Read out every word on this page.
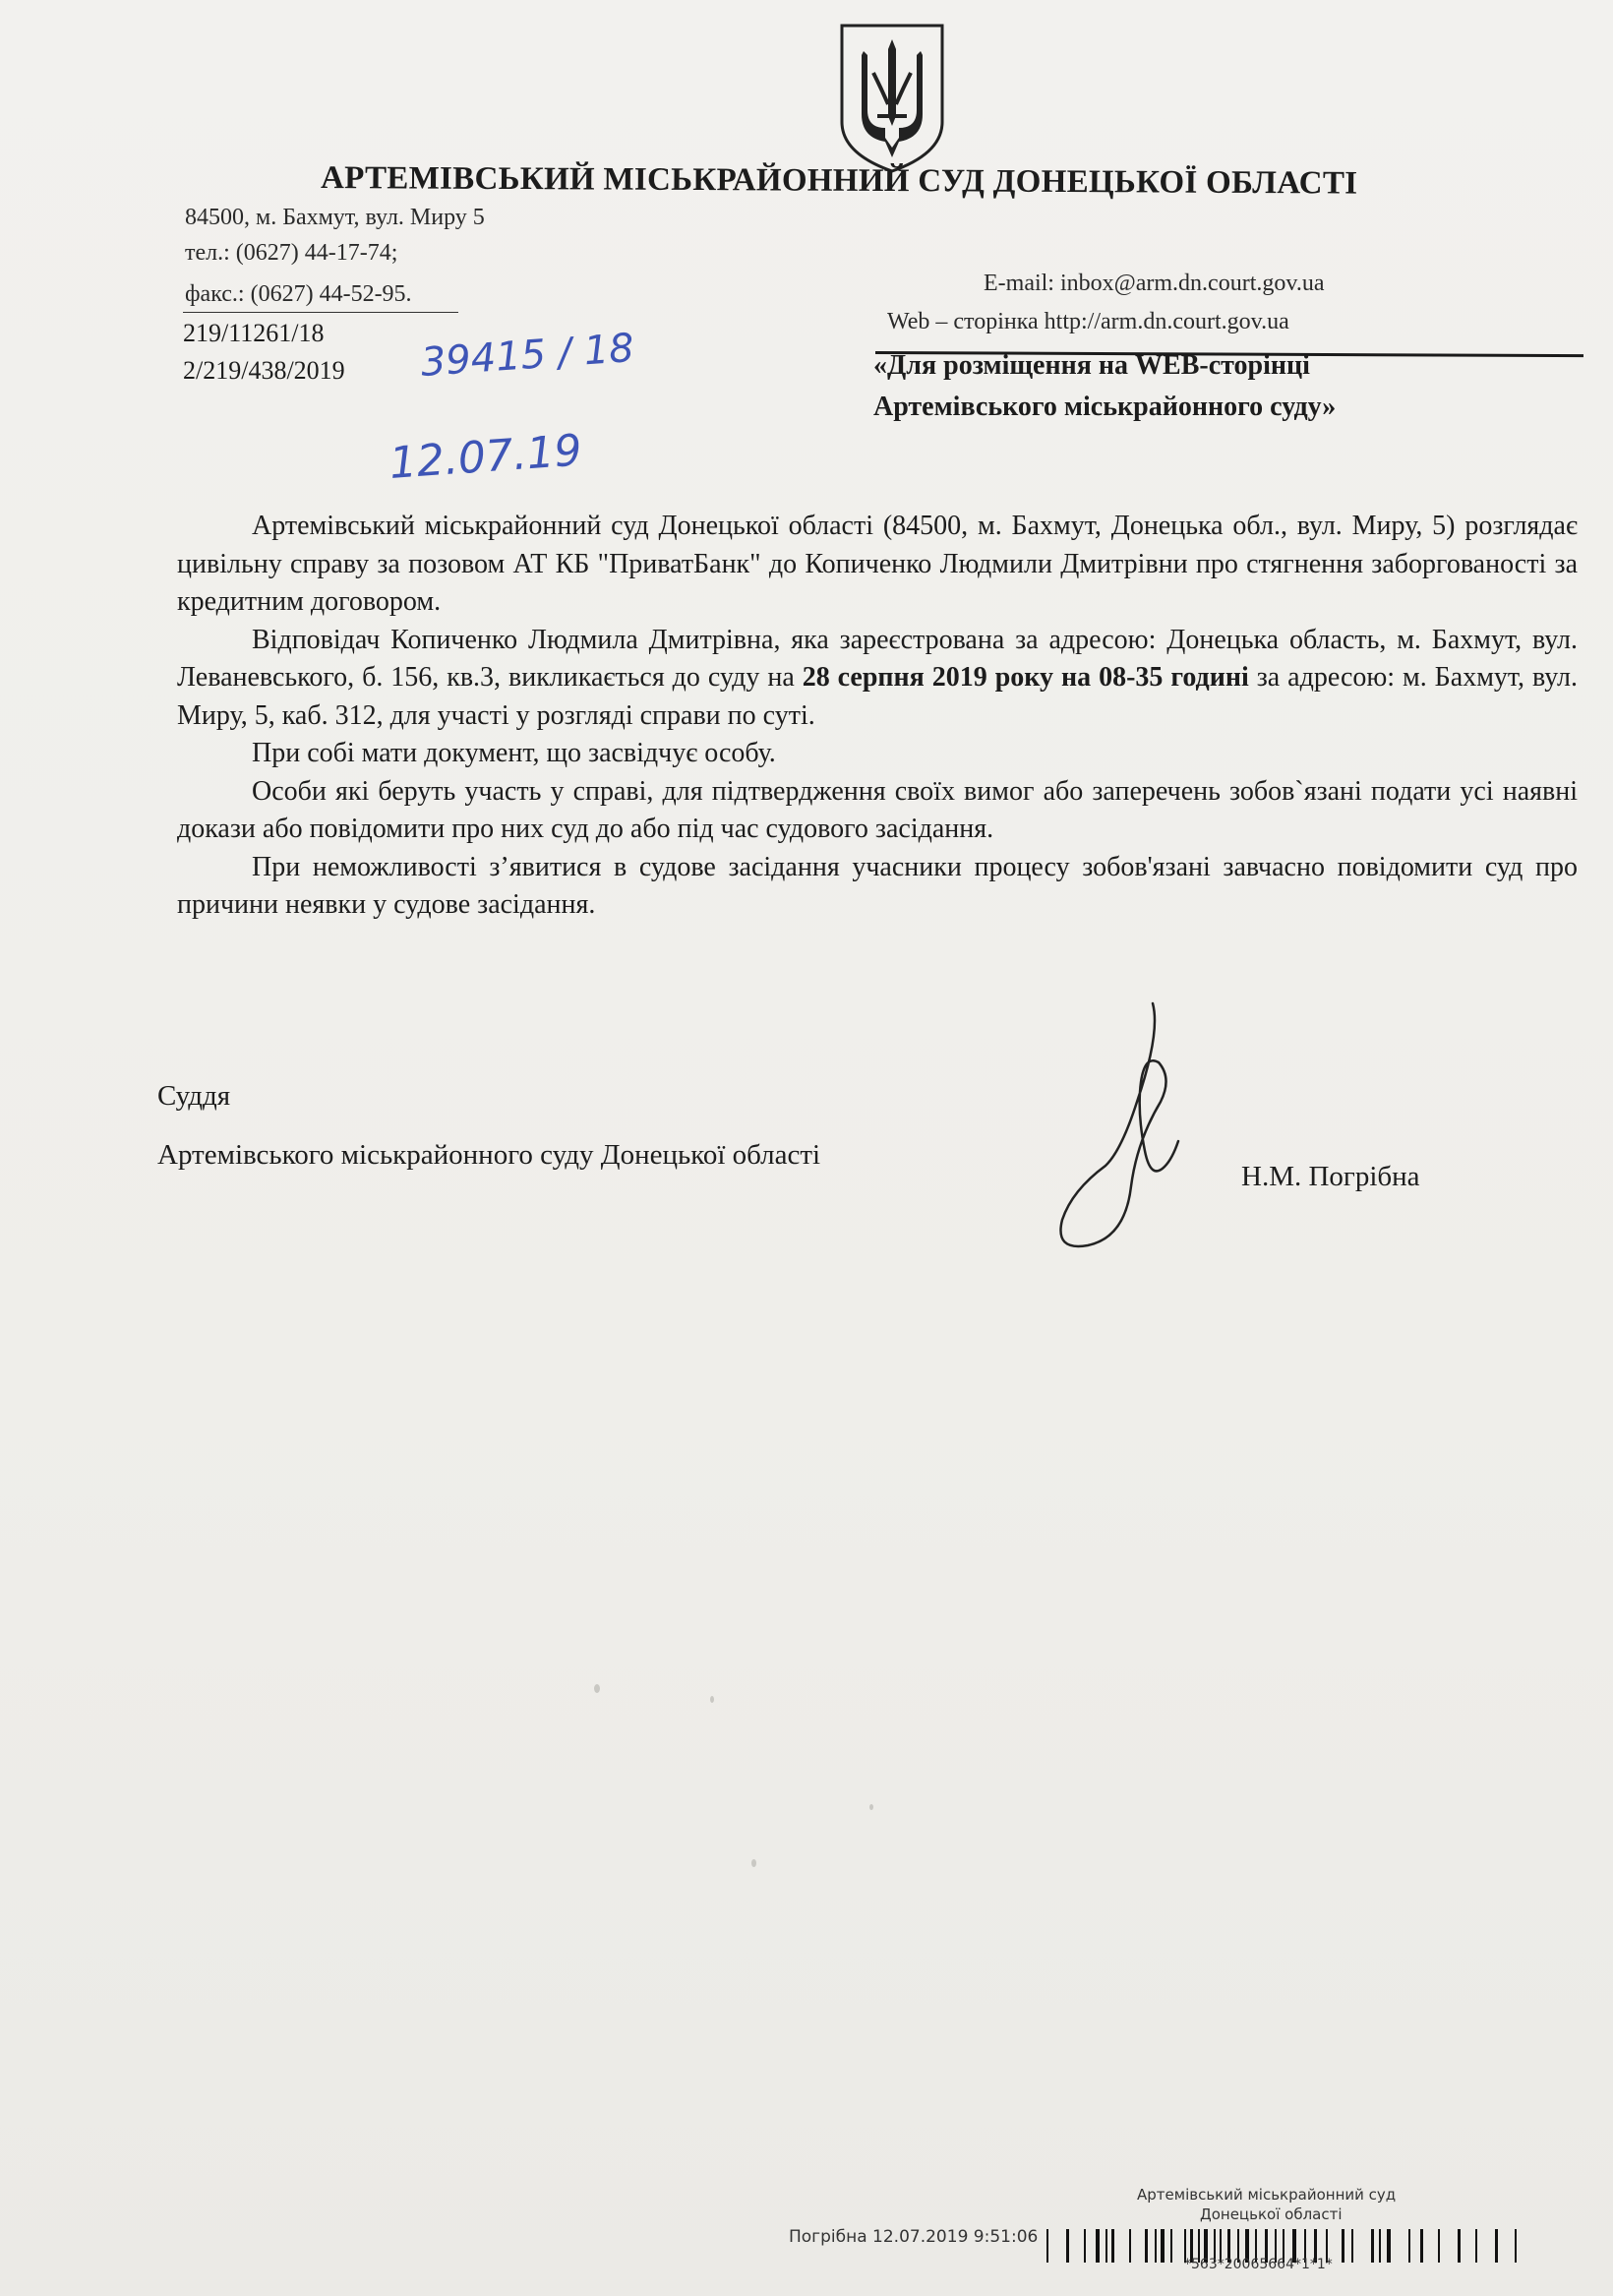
АРТЕМІВСЬКИЙ МІСЬКРАЙОННИЙ СУД ДОНЕЦЬКОЇ ОБЛАСТІ
84500, м. Бахмут, вул. Миру 5
тел.: (0627) 44-17-74;
факс.: (0627) 44-52-95.	E-mail: inbox@arm.dn.court.gov.ua
Web – сторінка http://arm.dn.court.gov.ua
219/11261/18
2/219/438/2019 39415 / 18
12.07.19
«Для розміщення на WEB-сторінці
Артемівського міськрайонного суду»

Артемівський міськрайонний суд Донецької області (84500, м. Бахмут, Донецька обл., вул. Миру, 5) розглядає цивільну справу за позовом АТ КБ "ПриватБанк" до Копиченко Людмили Дмитрівни про стягнення заборгованості за кредитним договором.

Відповідач Копиченко Людмила Дмитрівна, яка зареєстрована за адресою: Донецька область, м. Бахмут, вул. Леваневського, б. 156, кв.3, викликається до суду на 28 серпня 2019 року на 08-35 годині за адресою: м. Бахмут, вул. Миру, 5, каб. 312, для участі у розгляді справи по суті.

При собі мати документ, що засвідчує особу.

Особи які беруть участь у справі, для підтвердження своїх вимог або заперечень зобов`язані подати усі наявні докази або повідомити про них суд до або під час судового засідання.

При неможливості з’явитися в судове засідання учасники процесу зобов'язані завчасно повідомити суд про причини неявки у судове засідання.

Суддя
Артемівського міськрайонного суду Донецької області
Н.М. Погрібна
Артемівський міськрайонний суд
Донецької області
Погрібна 12.07.2019 9:51:06
*563*20065664*1*1*
